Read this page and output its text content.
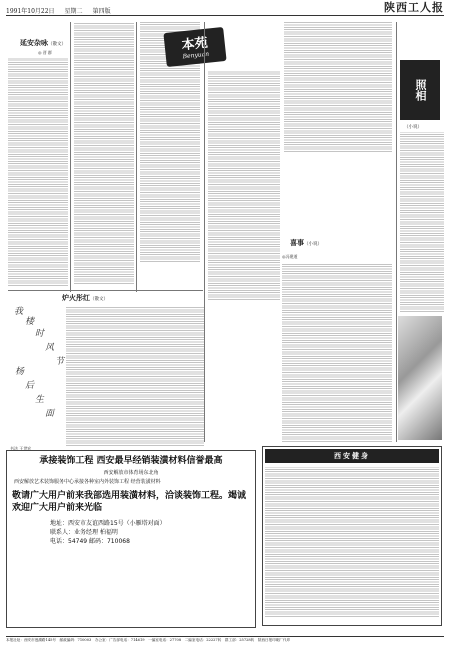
1991年10月22日 星期二 第四版	陕西工人报
延安杂咏（散文）
◎ 晋 群	本苑
Benyuan
炉火彤红（散文）
我
楼
时
风
节
杨
后
生
面
书法 王世宏
照相
（小说）
喜事（小说）
◎冯建道
承接装饰工程 西安最早经销装潢材料信誉最高
西安解放市体育场东北角
西安解放艺术装饰服务中心承接各种室内外装饰工程 经营装潢材料
敬请广大用户前来我部选用装潢材料，洽谈装饰工程。竭诚欢迎广大用户前来光临
地址：西安市友谊西路15号（小雁塔对面）
联系人：业务经理 柏福明
电话：54749 邮码：710068
西安健身
本报社址：西安市莲湖路145号　邮政编码：710003　办公室：广告部电话：714619　一编室电话：27708　二编室电话：22227转　群工部：25728转　陕西日报印刷厂代印
